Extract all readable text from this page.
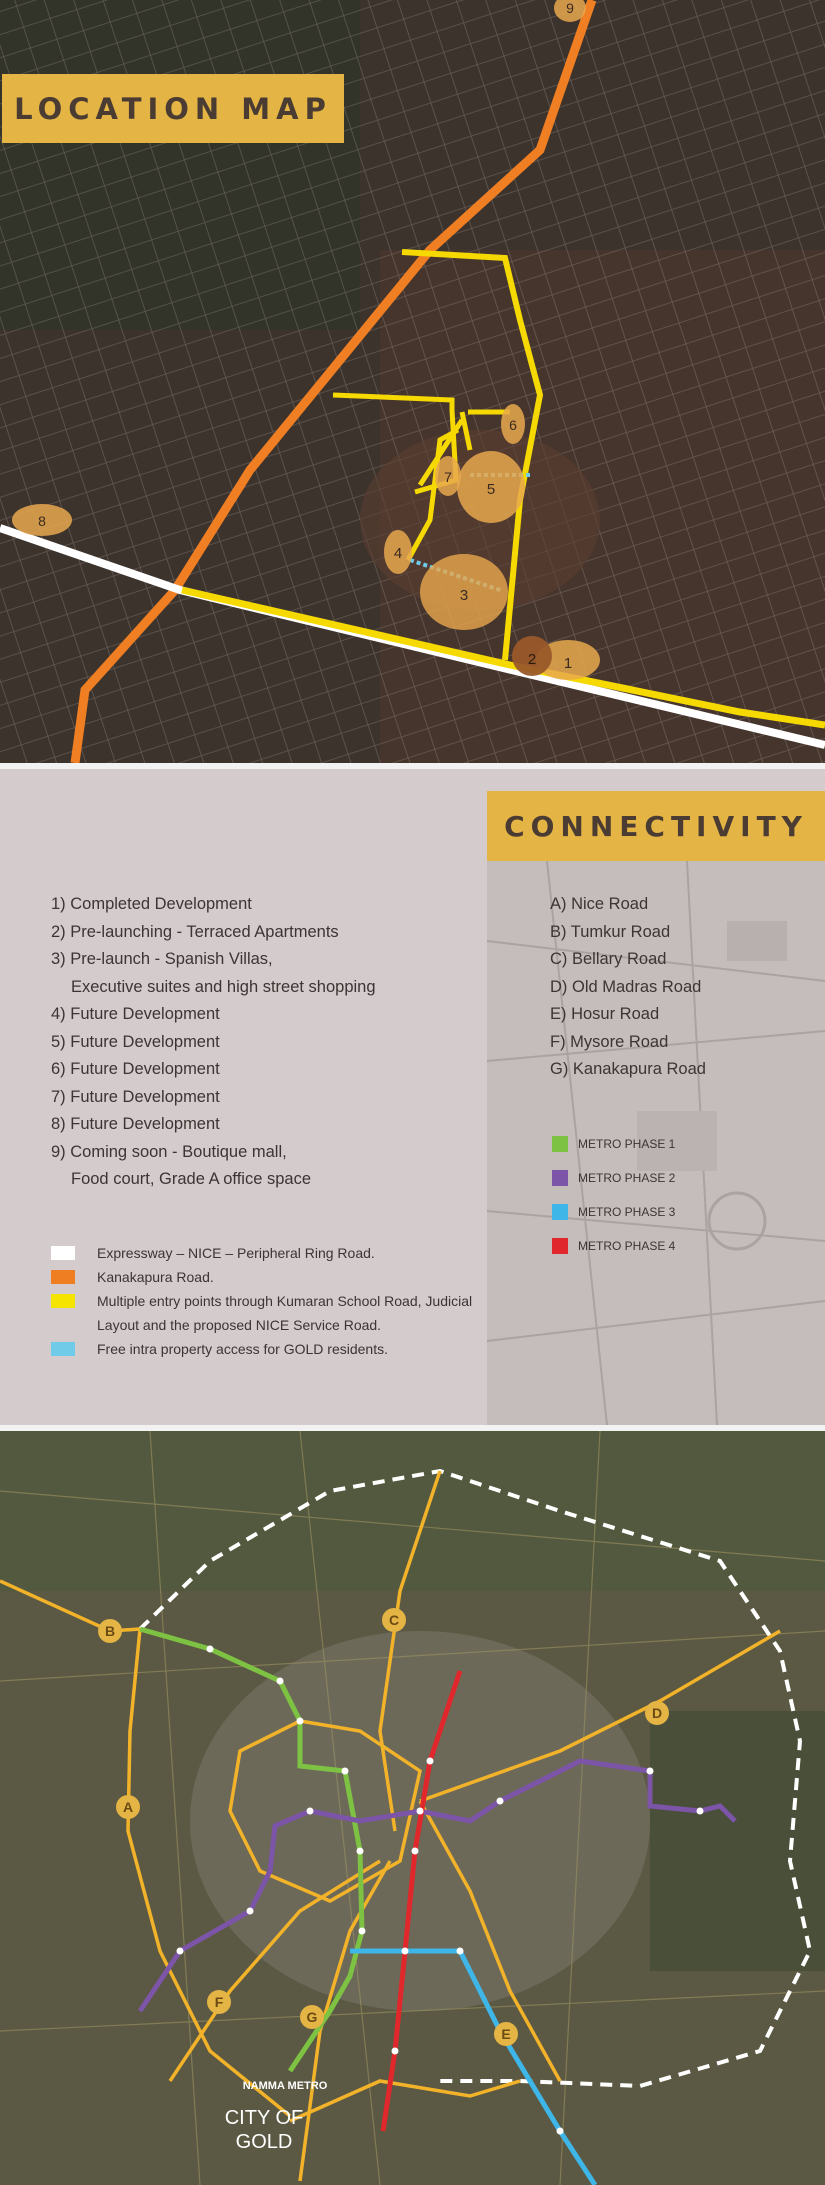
1
2
3
4
5
6
7
8
9
LOCATION MAP
CONNECTIVITY
1) Completed Development
2) Pre-launching - Terraced Apartments
3) Pre-launch - Spanish Villas,
Executive suites and high street shopping
4) Future Development
5) Future Development
6) Future Development
7) Future Development
8) Future Development
9) Coming soon - Boutique mall,
Food court, Grade A office space
A) Nice Road
B) Tumkur Road
C) Bellary Road
D) Old Madras Road
E) Hosur Road
F) Mysore Road
G) Kanakapura Road
METRO PHASE 1
METRO PHASE 2
METRO PHASE 3
METRO PHASE 4
Expressway – NICE – Peripheral Ring Road.
Kanakapura Road.
Multiple entry points through Kumaran School Road, Judicial Layout and the proposed NICE Service Road.
Free intra property access for GOLD residents.
A
B
C
D
E
F
G
NAMMA METRO
CITY OF
GOLD
